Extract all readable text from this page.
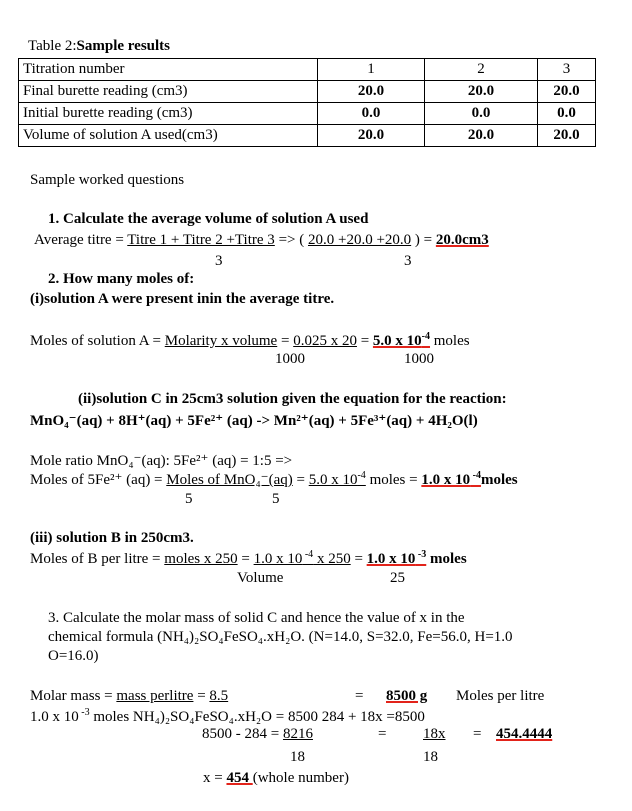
Table 2:Sample results
Titration number	1	2	3
Final burette reading (cm3)	20.0	20.0	20.0
Initial burette reading (cm3)	0.0	0.0	0.0
Volume of solution A used(cm3)	20.0	20.0	20.0
Sample worked questions
1. Calculate the average volume of solution A used
Average titre = Titre 1 + Titre 2 +Titre 3 => ( 20.0 +20.0 +20.0 ) = 20.0cm3
3	3
2. How many moles of:
(i)solution A were present inin the average titre.
Moles of solution A = Molarity x volume = 0.025 x 20 = 5.0 x $10^{-4}$ moles
1000	1000
(ii)solution C in 25cm3 solution given the equation for the reaction:
MnO₄⁻(aq) + 8H⁺(aq) + 5Fe²⁺ (aq) -> Mn²⁺(aq) + 5Fe³⁺(aq) + 4H₂O(l)
Mole ratio MnO₄⁻(aq): 5Fe²⁺ (aq) = 1:5 =>
Moles of 5Fe²⁺ (aq) = Moles of MnO₄⁻(aq) = 5.0 x $10^{-4}$ moles = 1.0 x 10 $^{-4}$moles
5	5
(iii) solution B in 250cm3.
Moles of B per litre = moles x 250 = 1.0 x 10 $^{-4}$ x 250 = 1.0 x 10 $^{-3}$ moles
Volume	25
3. Calculate the molar mass of solid C and hence the value of x in the
chemical formula (NH₄)₂SO₄FeSO₄.xH₂O. (N=14.0, S=32.0, Fe=56.0, H=1.0
O=16.0)
Molar mass = mass perlitre = 8.5	= 8500 g Moles per litre
1.0 x 10 $^{-3}$ moles NH₄)₂SO₄FeSO₄.xH₂O = 8500 284 + 18x =8500
8500 - 284 = 8216	= 18x = 454.4444
18	18
x = 454 (whole number)
